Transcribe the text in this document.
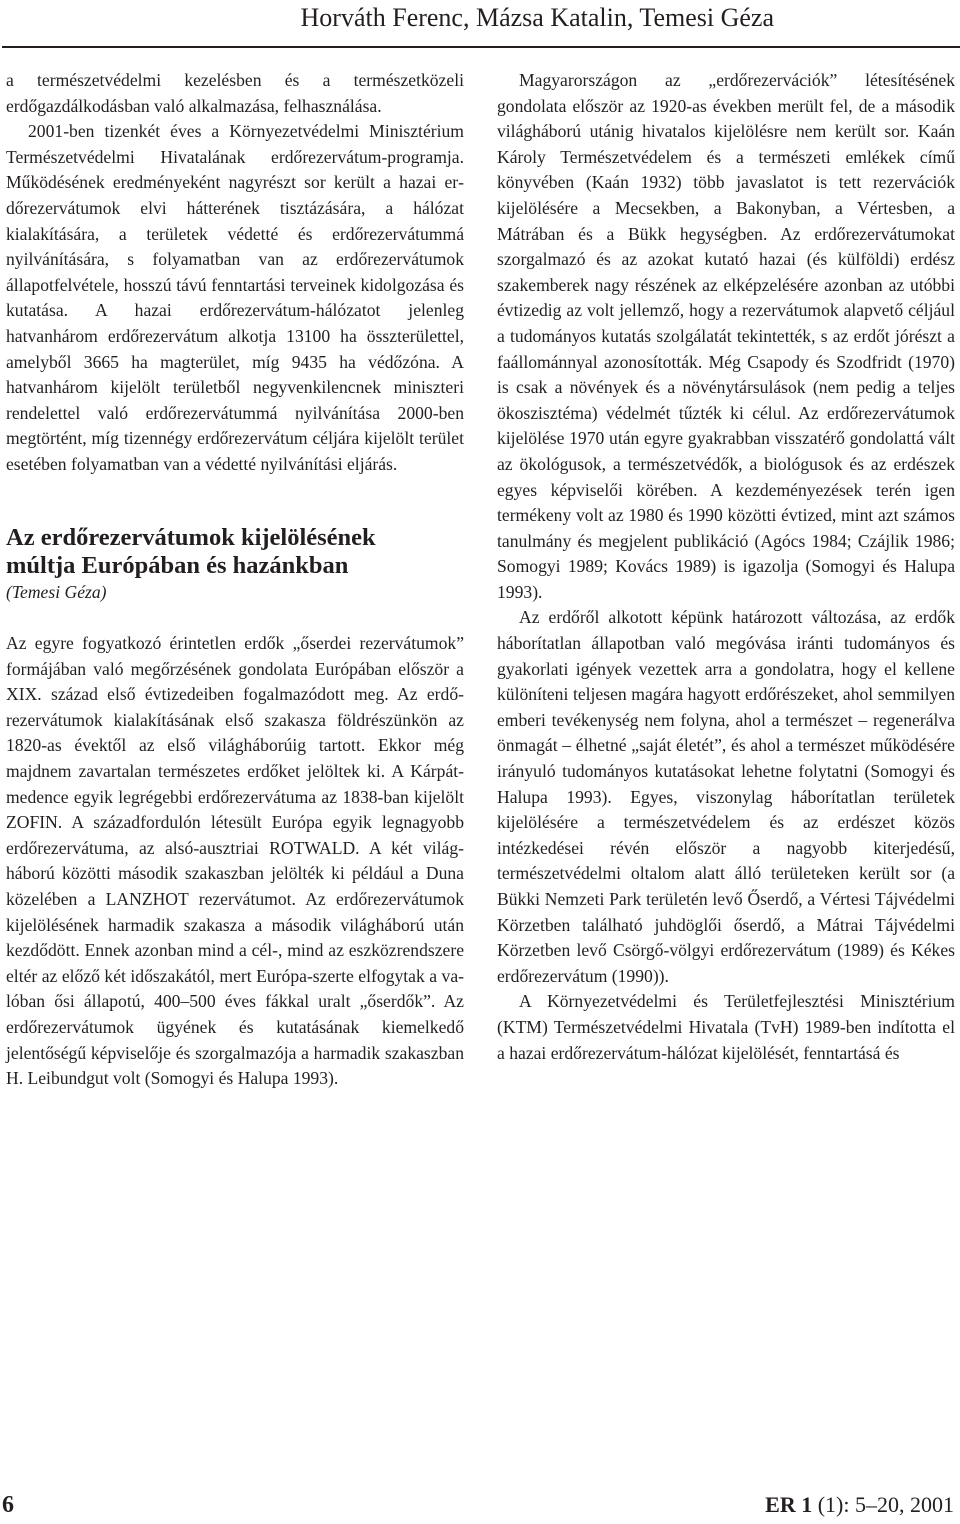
Horváth Ferenc, Mázsa Katalin, Temesi Géza

a természetvédelmi kezelésben és a természetközeli erdőgazdálkodásban való alkalmazása, felhasználása.

2001-ben tizenkét éves a Környezetvédelmi Minisztérium Természetvédelmi Hivatalának erdőrezervátum-programja. Működésének eredményeként nagyrészt sor került a hazai erdőrezervátumok elvi hátterének tisztázására, a hálózat kialakítására, a területek védetté és erdőrezervátummá nyilvánítására, s folyamatban van az erdőrezervátumok állapotfelvétele, hosszú távú fenntartási terveinek kidolgozása és kutatása. A hazai erdőrezervátum-hálózatot jelenleg hatvanhárom erdőrezervátum alkotja 13100 ha összterülettel, amelyből 3665 ha magterület, míg 9435 ha védőzóna. A hatvanhárom kijelölt területből negyvenkilencnek miniszteri rendelettel való erdőrezervátummá nyilvánítása 2000-ben megtörtént, míg tizennégy erdőrezervátum céljára kijelölt terület esetében folyamatban van a védetté nyilvánítási eljárás.

Az erdőrezervátumok kijelölésének
múltja Európában és hazánkban
(Temesi Géza)

Az egyre fogyatkozó érintetlen erdők „őserdei rezervátumok” formájában való megőrzésének gondolata Európában először a XIX. század első évtizedeiben fogalmazódott meg. Az erdőrezervátumok kialakításának első szakasza földrészünkön az 1820-as évektől az első világháborúig tartott. Ekkor még majdnem zavartalan természetes erdőket jelöltek ki. A Kárpátmedence egyik legrégebbi erdőrezervátuma az 1838-ban kijelölt ZOFIN. A századfordulón létesült Európa egyik legnagyobb erdőrezervátuma, az alsó-ausztriai ROTWALD. A két világháború közötti második szakaszban jelölték ki például a Duna közelében a LANZHOT rezervátumot. Az erdőrezervátumok kijelölésének harmadik szakasza a második világháború után kezdődött. Ennek azonban mind a cél-, mind az eszközrendszere eltér az előző két időszakától, mert Európa-szerte elfogytak a valóban ősi állapotú, 400–500 éves fákkal uralt „őserdők”. Az erdőrezervátumok ügyének és kutatásának kiemelkedő jelentőségű képviselője és szorgalmazója a harmadik szakaszban H. Leibundgut volt (Somogyi és Halupa 1993).

Magyarországon az „erdőrezervációk” létesítésének gondolata először az 1920-as években merült fel, de a második világháború utánig hivatalos kijelölésre nem került sor. Kaán Károly Természetvédelem és a természeti emlékek című könyvében (Kaán 1932) több javaslatot is tett rezervációk kijelölésére a Mecsekben, a Bakonyban, a Vértesben, a Mátrában és a Bükk hegységben. Az erdőrezervátumokat szorgalmazó és az azokat kutató hazai (és külföldi) erdész szakemberek nagy részének az elképzelésére azonban az utóbbi évtizedig az volt jellemző, hogy a rezervátumok alapvető céljául a tudományos kutatás szolgálatát tekintették, s az erdőt jórészt a faállománnyal azonosították. Még Csapody és Szodfridt (1970) is csak a növények és a növénytársulások (nem pedig a teljes ökoszisztéma) védelmét tűzték ki célul. Az erdőrezervátumok kijelölése 1970 után egyre gyakrabban visszatérő gondolattá vált az ökológusok, a természetvédők, a biológusok és az erdészek egyes képviselői körében. A kezdeményezések terén igen termékeny volt az 1980 és 1990 közötti évtized, mint azt számos tanulmány és megjelent publikáció (Agócs 1984; Czájlik 1986; Somogyi 1989; Kovács 1989) is igazolja (Somogyi és Halupa 1993).

Az erdőről alkotott képünk határozott változása, az erdők háborítatlan állapotban való megóvása iránti tudományos és gyakorlati igények vezettek arra a gondolatra, hogy el kellene különíteni teljesen magára hagyott erdőrészeket, ahol semmilyen emberi tevékenység nem folyna, ahol a természet – regenerálva önmagát – élhetné „saját életét”, és ahol a természet működésére irányuló tudományos kutatásokat lehetne folytatni (Somogyi és Halupa 1993). Egyes, viszonylag háborítatlan területek kijelölésére a természetvédelem és az erdészet közös intézkedései révén először a nagyobb kiterjedésű, természetvédelmi oltalom alatt álló területeken került sor (a Bükki Nemzeti Park területén levő Őserdő, a Vértesi Tájvédelmi Körzetben található juhdöglői őserdő, a Mátrai Tájvédelmi Körzetben levő Csörgő-völgyi erdőrezervátum (1989) és Kékes erdőrezervátum (1990)).

A Környezetvédelmi és Területfejlesztési Minisztérium (KTM) Természetvédelmi Hivatala (TvH) 1989-ben indította el a hazai erdőrezervátum-hálózat kijelölését, fenntartásá és

6	ER 1 (1): 5–20, 2001
